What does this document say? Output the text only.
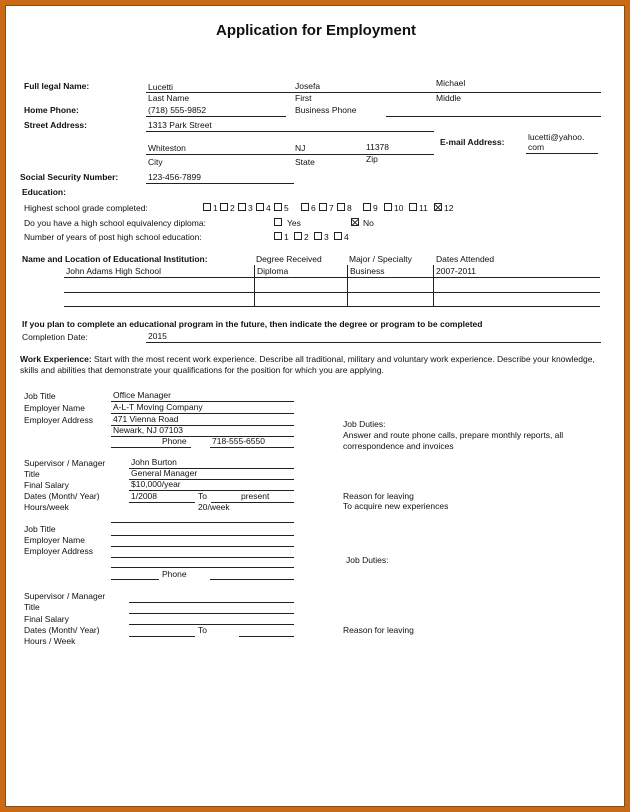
Application for Employment
Full legal Name:	Lucetti	Josefa	Michael
Last Name	First	Middle
Home Phone:	(718) 555-9852	Business Phone
Street Address:	1313 Park Street
E-mail Address:	lucetti@yahoo.
com
Whiteston	NJ	11378
City	State	Zip
Social Security Number:	123-456-7899
Education:
Highest school grade completed:	1 2 3 4 5	6 7 8	9 10 11 12
Do you have a high school equivalency diploma:	Yes	No
Number of years of post high school education:	1 2 3 4
Name and Location of Educational Institution:	Degree Received	Major / Specialty	Dates Attended
John Adams High School	Diploma	Business	2007-2011
If you plan to complete an educational program in the future, then indicate the degree or program to be completed
Completion Date:	2015
Work Experience: Start with the most recent work experience. Describe all traditional, military and voluntary work experience. Describe your knowledge, skills and abilities that demonstrate your qualifications for the position for which you are applying.
Job Title	Office Manager
Employer Name	A-L-T Moving Company
Employer Address 471 Vienna Road
Newark, NJ 07103
Phone	718-555-6550
Job Duties:
Answer and route phone calls, prepare monthly reports, all correspondence and invoices
Supervisor / Manager	John Burton
Title	General Manager
Final Salary	$10,000/year
Dates (Month/ Year)	1/2008	To	present
Hours/week	20/week
Reason for leaving
To acquire new experiences
Job Title
Employer Name
Employer Address
Phone
Job Duties:
Supervisor / Manager
Title
Final Salary
Dates (Month/ Year)	To
Hours / Week
Reason for leaving
